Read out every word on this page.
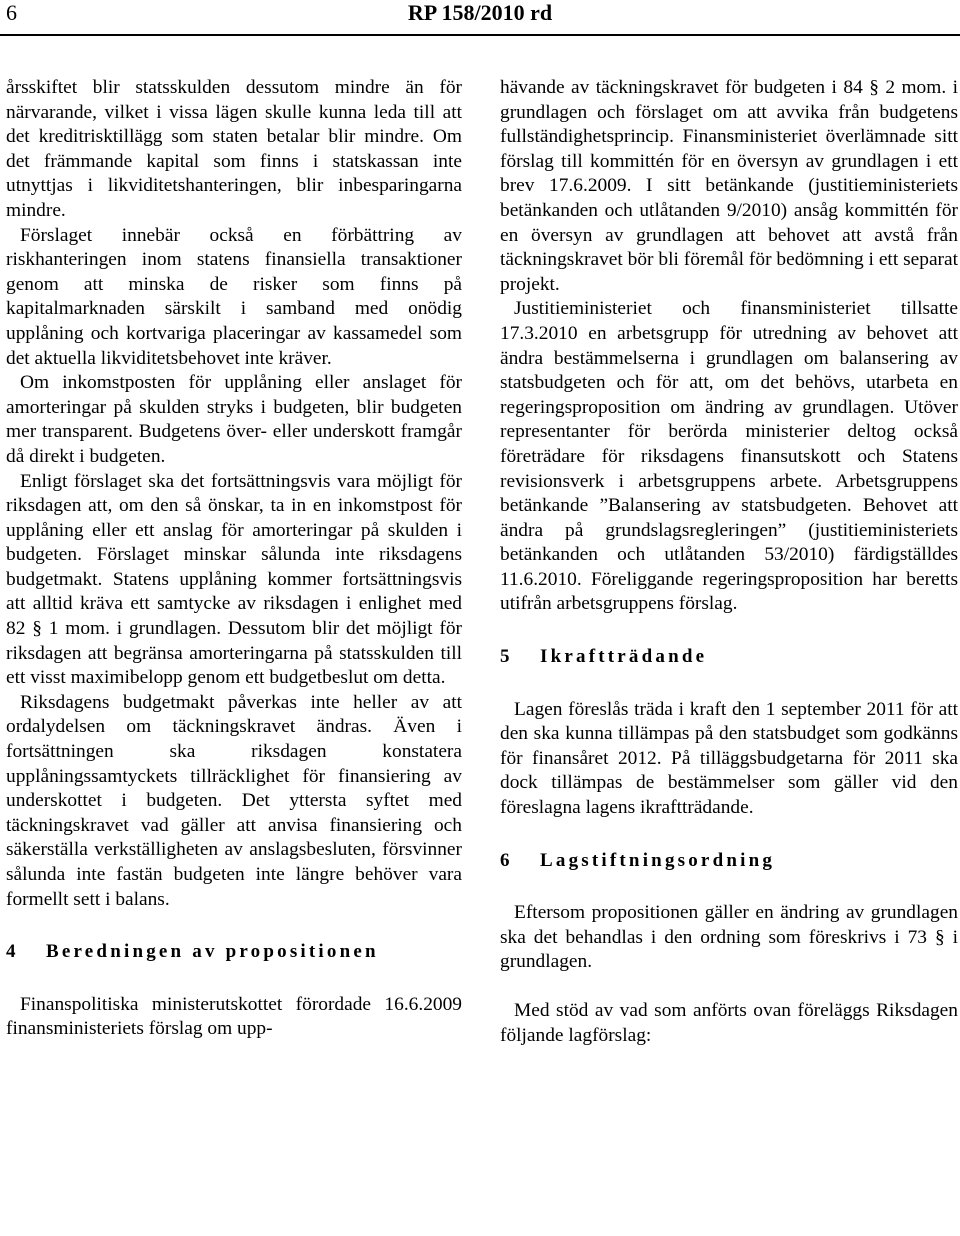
6	RP 158/2010 rd

årsskiftet blir statsskulden dessutom mindre än för närvarande, vilket i vissa lägen skulle kunna leda till att det kreditrisktillägg som staten betalar blir mindre. Om det främmande kapital som finns i statskassan inte utnyttjas i likviditetshanteringen, blir inbesparingarna mindre.

Förslaget innebär också en förbättring av riskhanteringen inom statens finansiella transaktioner genom att minska de risker som finns på kapitalmarknaden särskilt i samband med onödig upplåning och kortvariga placeringar av kassamedel som det aktuella likviditetsbehovet inte kräver.

Om inkomstposten för upplåning eller anslaget för amorteringar på skulden stryks i budgeten, blir budgeten mer transparent. Budgetens över- eller underskott framgår då direkt i budgeten.

Enligt förslaget ska det fortsättningsvis vara möjligt för riksdagen att, om den så önskar, ta in en inkomstpost för upplåning eller ett anslag för amorteringar på skulden i budgeten. Förslaget minskar sålunda inte riksdagens budgetmakt. Statens upplåning kommer fortsättningsvis att alltid kräva ett samtycke av riksdagen i enlighet med 82 § 1 mom. i grundlagen. Dessutom blir det möjligt för riksdagen att begränsa amorteringarna på statsskulden till ett visst maximibelopp genom ett budgetbeslut om detta.

Riksdagens budgetmakt påverkas inte heller av att ordalydelsen om täckningskravet ändras. Även i fortsättningen ska riksdagen konstatera upplåningssamtyckets tillräcklighet för finansiering av underskottet i budgeten. Det yttersta syftet med täckningskravet vad gäller att anvisa finansiering och säkerställa verkställigheten av anslagsbesluten, försvinner sålunda inte fastän budgeten inte längre behöver vara formellt sett i balans.

4 Beredningen av propositionen

Finanspolitiska ministerutskottet förordade 16.6.2009 finansministeriets förslag om upp-

hävande av täckningskravet för budgeten i 84 § 2 mom. i grundlagen och förslaget om att avvika från budgetens fullständighetsprincip. Finansministeriet överlämnade sitt förslag till kommittén för en översyn av grundlagen i ett brev 17.6.2009. I sitt betänkande (justitieministeriets betänkanden och utlåtanden 9/2010) ansåg kommittén för en översyn av grundlagen att behovet att avstå från täckningskravet bör bli föremål för bedömning i ett separat projekt.

Justitieministeriet och finansministeriet tillsatte 17.3.2010 en arbetsgrupp för utredning av behovet att ändra bestämmelserna i grundlagen om balansering av statsbudgeten och för att, om det behövs, utarbeta en regeringsproposition om ändring av grundlagen. Utöver representanter för berörda ministerier deltog också företrädare för riksdagens finansutskott och Statens revisionsverk i arbetsgruppens arbete. Arbetsgruppens betänkande ”Balansering av statsbudgeten. Behovet att ändra på grundslagsregleringen” (justitieministeriets betänkanden och utlåtanden 53/2010) färdigställdes 11.6.2010. Föreliggande regeringsproposition har beretts utifrån arbetsgruppens förslag.

5 Ikraftträdande

Lagen föreslås träda i kraft den 1 september 2011 för att den ska kunna tillämpas på den statsbudget som godkänns för finansåret 2012. På tilläggsbudgetarna för 2011 ska dock tillämpas de bestämmelser som gäller vid den föreslagna lagens ikraftträdande.

6 Lagstiftningsordning

Eftersom propositionen gäller en ändring av grundlagen ska det behandlas i den ordning som föreskrivs i 73 § i grundlagen.

Med stöd av vad som anförts ovan föreläggs Riksdagen följande lagförslag:
